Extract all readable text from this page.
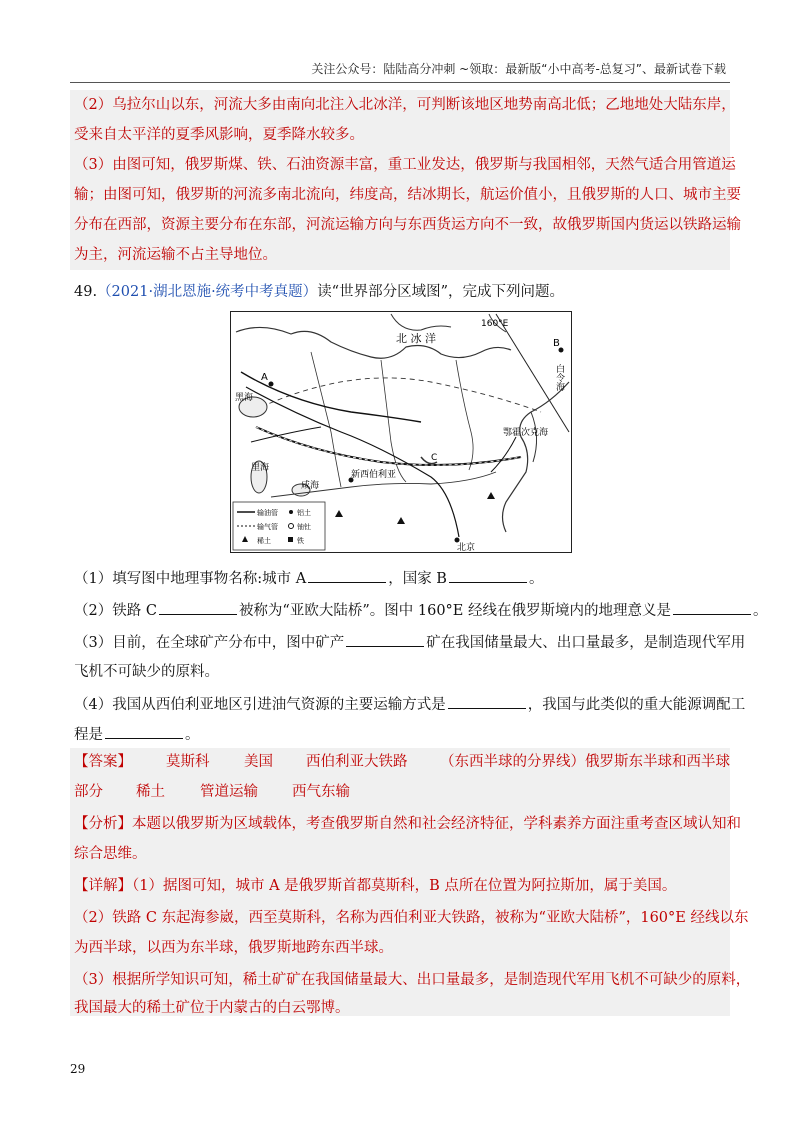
关注公众号：陆陆高分冲刺 ~领取：最新版“小中高考-总复习”、最新试卷下载
（2）乌拉尔山以东，河流大多由南向北注入北冰洋，可判断该地区地势南高北低；乙地地处大陆东岸，
受来自太平洋的夏季风影响，夏季降水较多。
（3）由图可知，俄罗斯煤、铁、石油资源丰富，重工业发达，俄罗斯与我国相邻，天然气适合用管道运
输；由图可知，俄罗斯的河流多南北流向，纬度高，结冰期长，航运价值小，且俄罗斯的人口、城市主要
分布在西部，资源主要分布在东部，河流运输方向与东西货运方向不一致，故俄罗斯国内货运以铁路运输
为主，河流运输不占主导地位。
49.（2021·湖北恩施·统考中考真题）读“世界部分区域图”，完成下列问题。
北 冰 洋
160°E
B
A
C
黑海
里海
咸海
新西伯利亚
北京
鄂霍次克海
白令海
输油管
输气管
稀土
铝土
铀钍
铁
（1）填写图中地理事物名称:城市 A	，国家 B	。
（2）铁路 C	被称为“亚欧大陆桥”。图中 160°E 经线在俄罗斯境内的地理意义是	。
（3）目前，在全球矿产分布中，图中矿产	矿在我国储量最大、出口量最多，是制造现代军用
飞机不可缺少的原料。
（4）我国从西伯利亚地区引进油气资源的主要运输方式是	，我国与此类似的重大能源调配工
程是	。
【答案】 莫斯科 美国 西伯利亚大铁路 （东西半球的分界线）俄罗斯东半球和西半球
部分 稀土 管道运输 西气东输
【分析】本题以俄罗斯为区域载体，考查俄罗斯自然和社会经济特征，学科素养方面注重考查区域认知和
综合思维。
【详解】（1）据图可知，城市 A 是俄罗斯首都莫斯科，B 点所在位置为阿拉斯加，属于美国。
（2）铁路 C 东起海参崴，西至莫斯科，名称为西伯利亚大铁路，被称为“亚欧大陆桥”，160°E 经线以东
为西半球，以西为东半球，俄罗斯地跨东西半球。
（3）根据所学知识可知，稀土矿矿在我国储量最大、出口量最多，是制造现代军用飞机不可缺少的原料，
我国最大的稀土矿位于内蒙古的白云鄂博。
29
